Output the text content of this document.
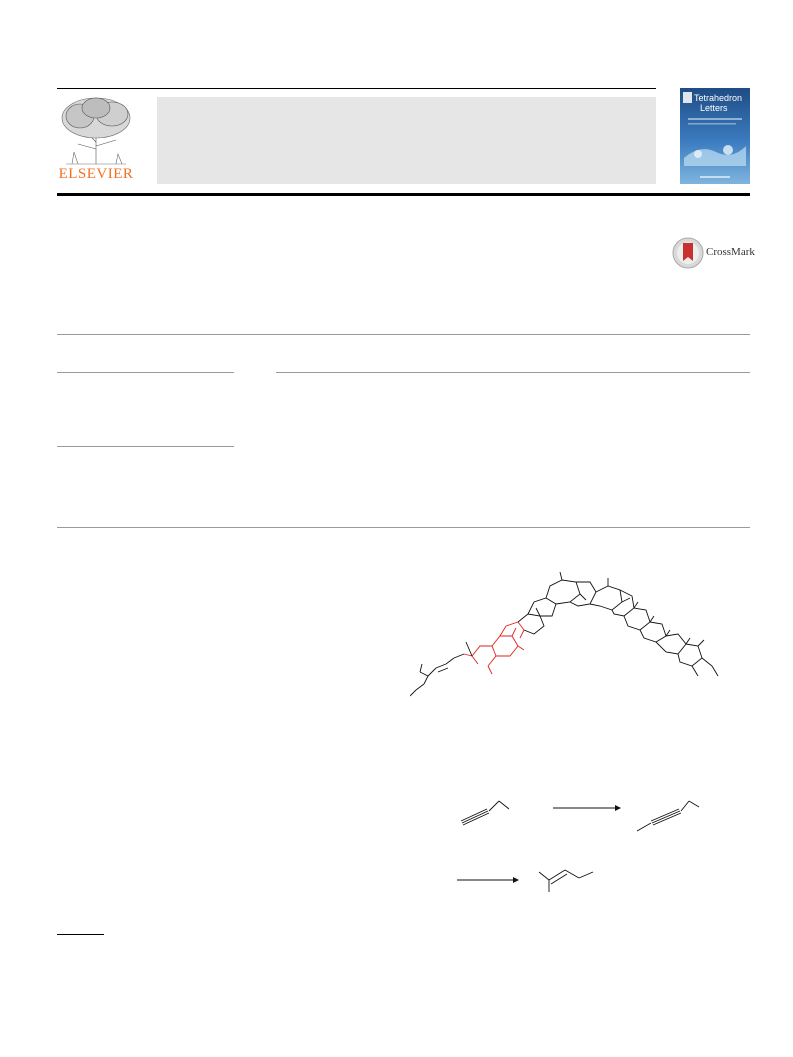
ELSEVIER
Tetrahedron
Letters
CrossMark
